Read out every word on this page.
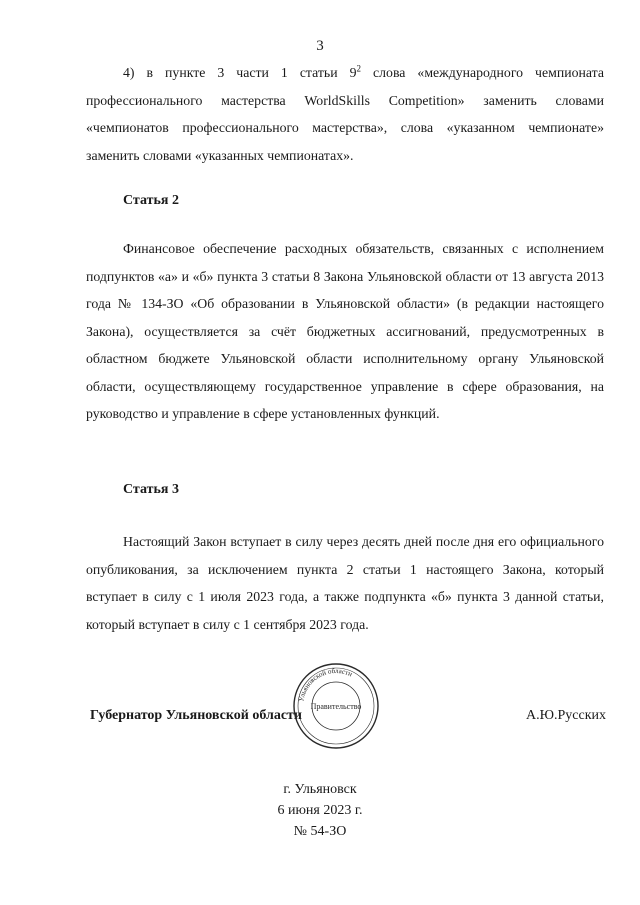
3

4) в пункте 3 части 1 статьи $9^2$ слова «международного чемпионата профессионального мастерства WorldSkills Competition» заменить словами «чемпионатов профессионального мастерства», слова «указанном чемпионате» заменить словами «указанных чемпионатах».

Статья 2

Финансовое обеспечение расходных обязательств, связанных с исполнением подпунктов «а» и «б» пункта 3 статьи 8 Закона Ульяновской области от 13 августа 2013 года № 134-ЗО «Об образовании в Ульяновской области» (в редакции настоящего Закона), осуществляется за счёт бюджетных ассигнований, предусмотренных в областном бюджете Ульяновской области исполнительному органу Ульяновской области, осуществляющему государственное управление в сфере образования, на руководство и управление в сфере установленных функций.

Статья 3

Настоящий Закон вступает в силу через десять дней после дня его официального опубликования, за исключением пункта 2 статьи 1 настоящего Закона, который вступает в силу с 1 июля 2023 года, а также подпункта «б» пункта 3 данной статьи, который вступает в силу с 1 сентября 2023 года.

Губернатор Ульяновской области	А.Ю.Русских
Ульяновской области
Правительство
г. Ульяновск
6 июня 2023 г.
№ 54-ЗО
